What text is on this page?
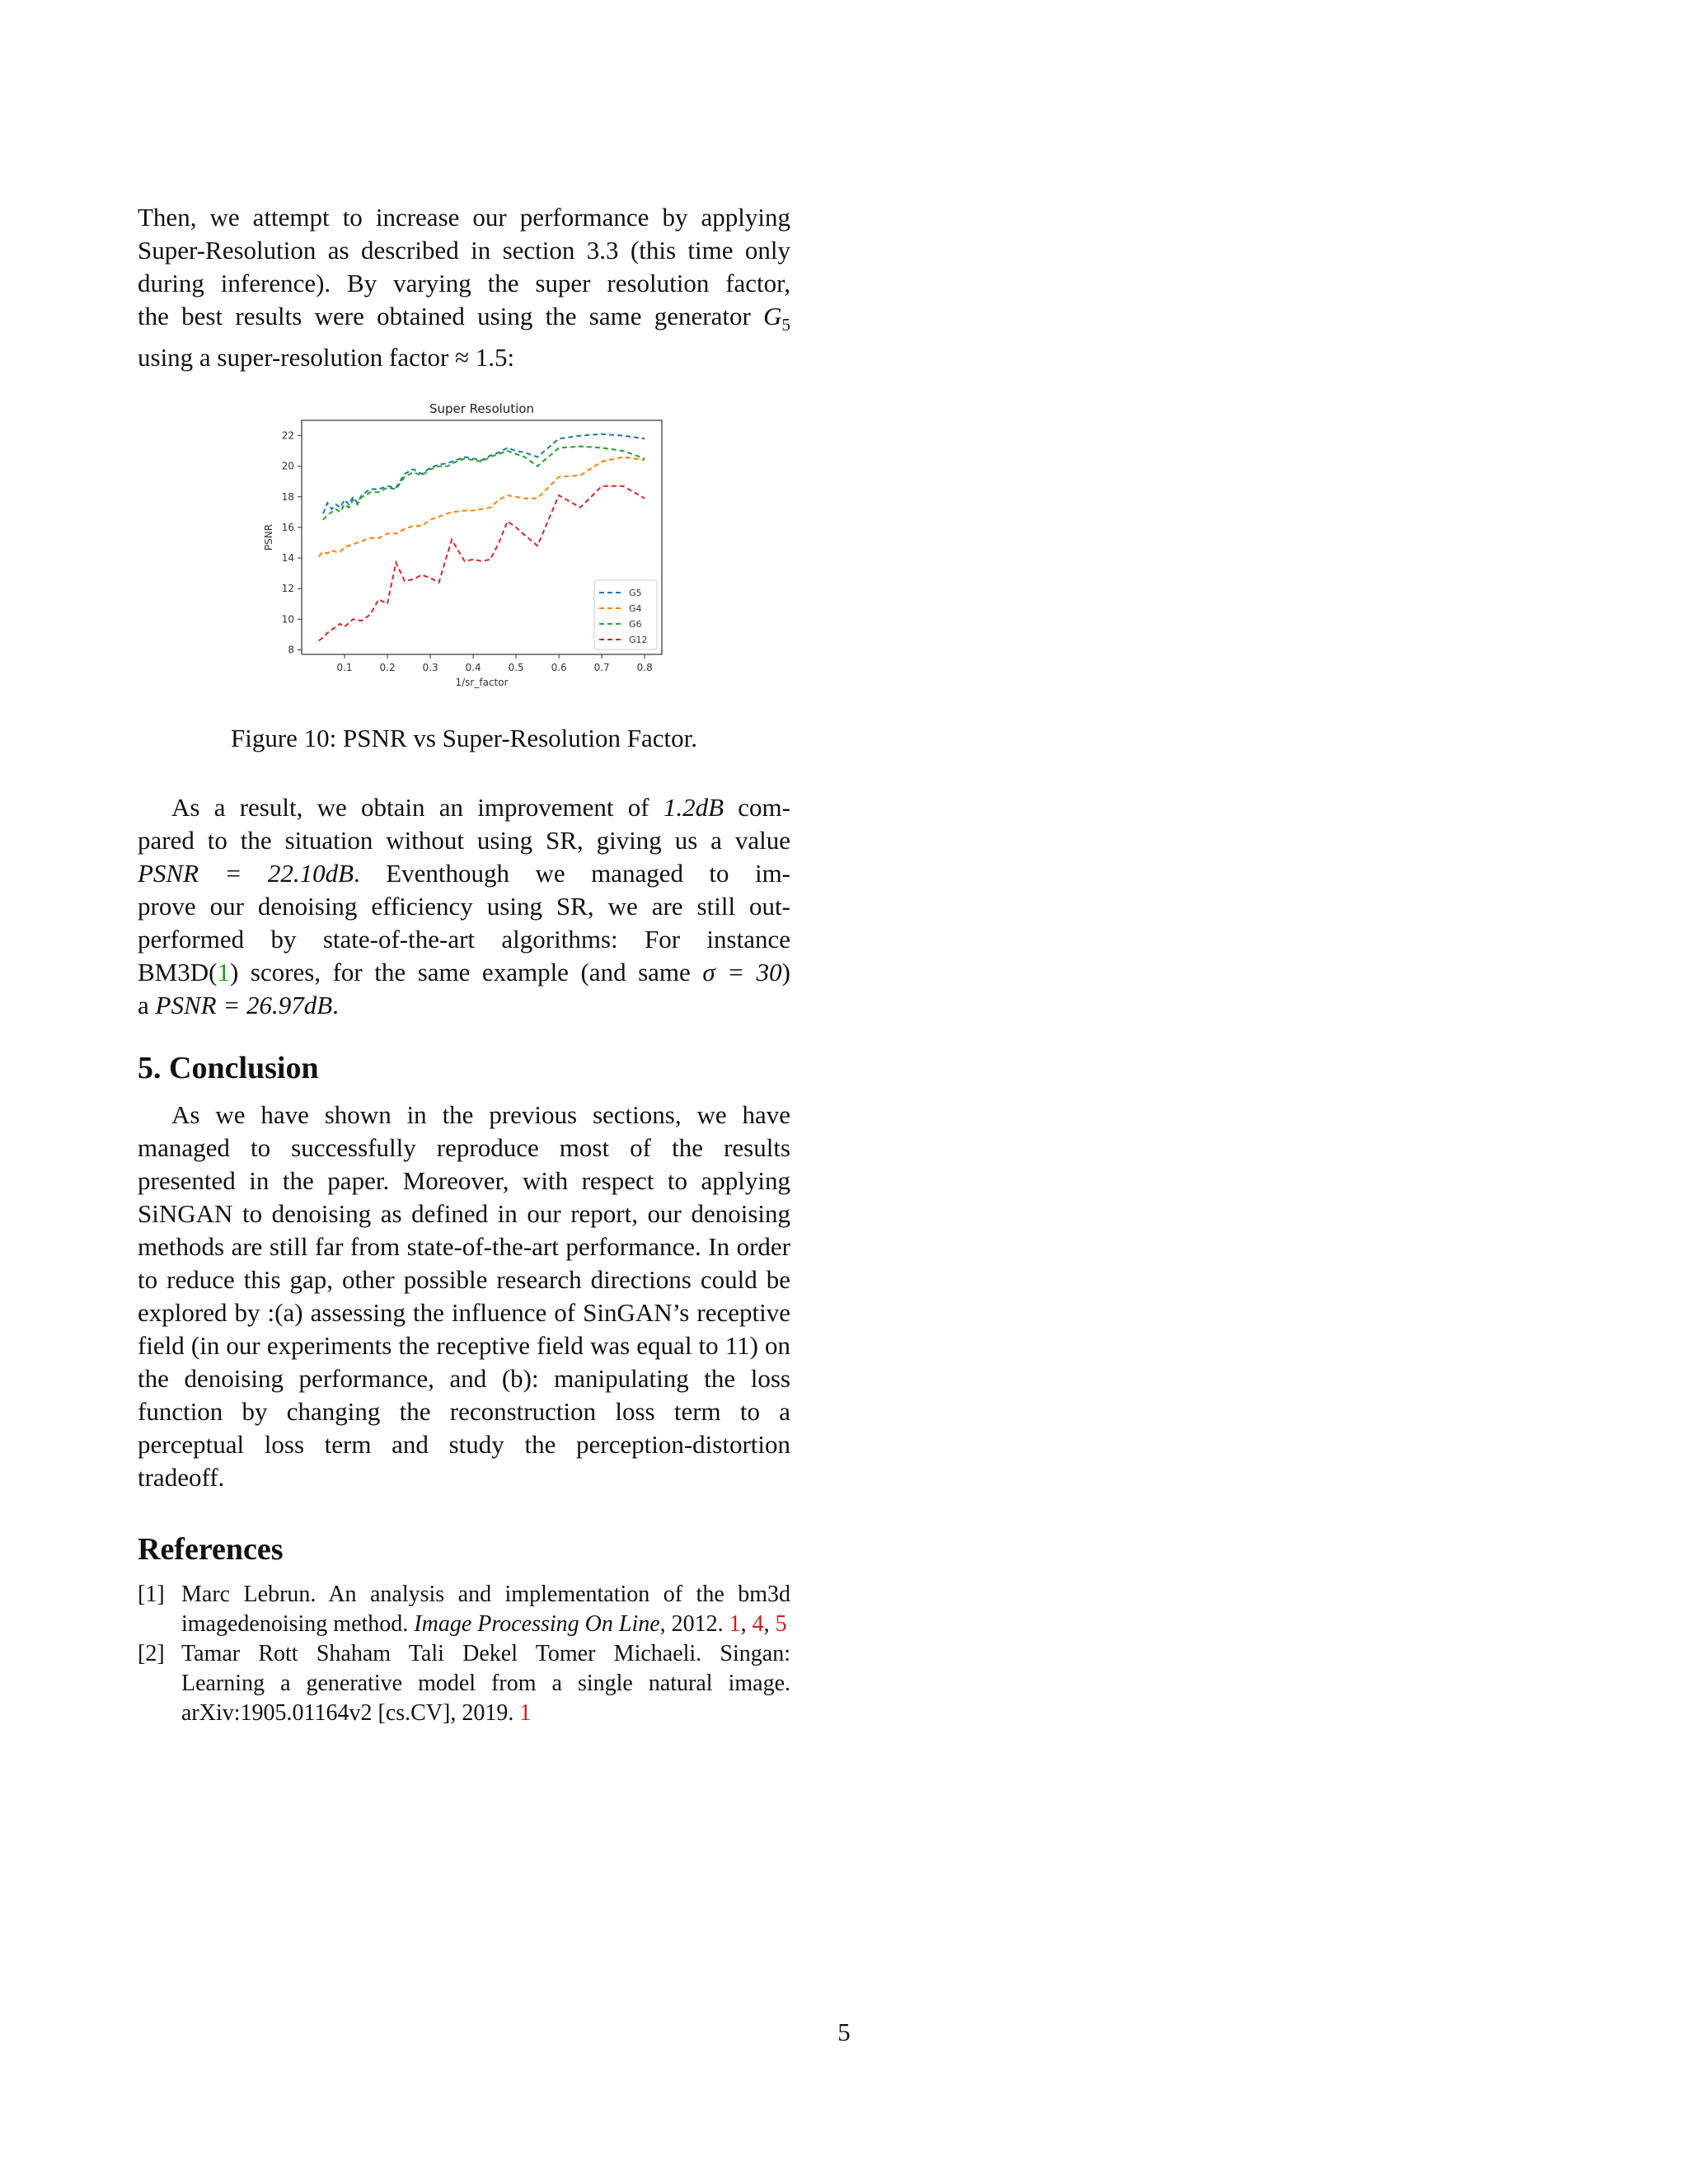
Then, we attempt to increase our performance by applying

Super-Resolution as described in section 3.3 (this time only

during inference). By varying the super resolution factor,

the best results were obtained using the same generator $G_5$

using a super-resolution factor ≈ 1.5:

Super Resolution
0.1	0.2	0.3	0.4	0.5	0.6	0.7	0.8
8
10
12
14
16
18
20
22
1/sr_factor
PSNR
G5
G4
G6
G12
Figure 10: PSNR vs Super-Resolution Factor.

As a result, we obtain an improvement of 1.2dB com-

pared to the situation without using SR, giving us a value

PSNR = 22.10dB. Eventhough we managed to im-

prove our denoising efficiency using SR, we are still out-

performed by state-of-the-art algorithms: For instance

BM3D(1) scores, for the same example (and same σ = 30)

a PSNR = 26.97dB.

5. Conclusion

As we have shown in the previous sections, we have managed to successfully reproduce most of the results presented in the paper. Moreover, with respect to applying SiNGAN to denoising as defined in our report, our denoising methods are still far from state-of-the-art performance. In order to reduce this gap, other possible research directions could be explored by :(a) assessing the influence of SinGAN’s receptive field (in our experiments the receptive field was equal to 11) on the denoising performance, and (b): manipulating the loss function by changing the reconstruction loss term to a perceptual loss term and study the perception-distortion tradeoff.

References
[1] Marc Lebrun. An analysis and implementation of the bm3d imagedenoising method. Image Processing On Line, 2012. 1, 4, 5
[2] Tamar Rott Shaham Tali Dekel Tomer Michaeli. Singan: Learning a generative model from a single natural image. arXiv:1905.01164v2 [cs.CV], 2019. 1
5
